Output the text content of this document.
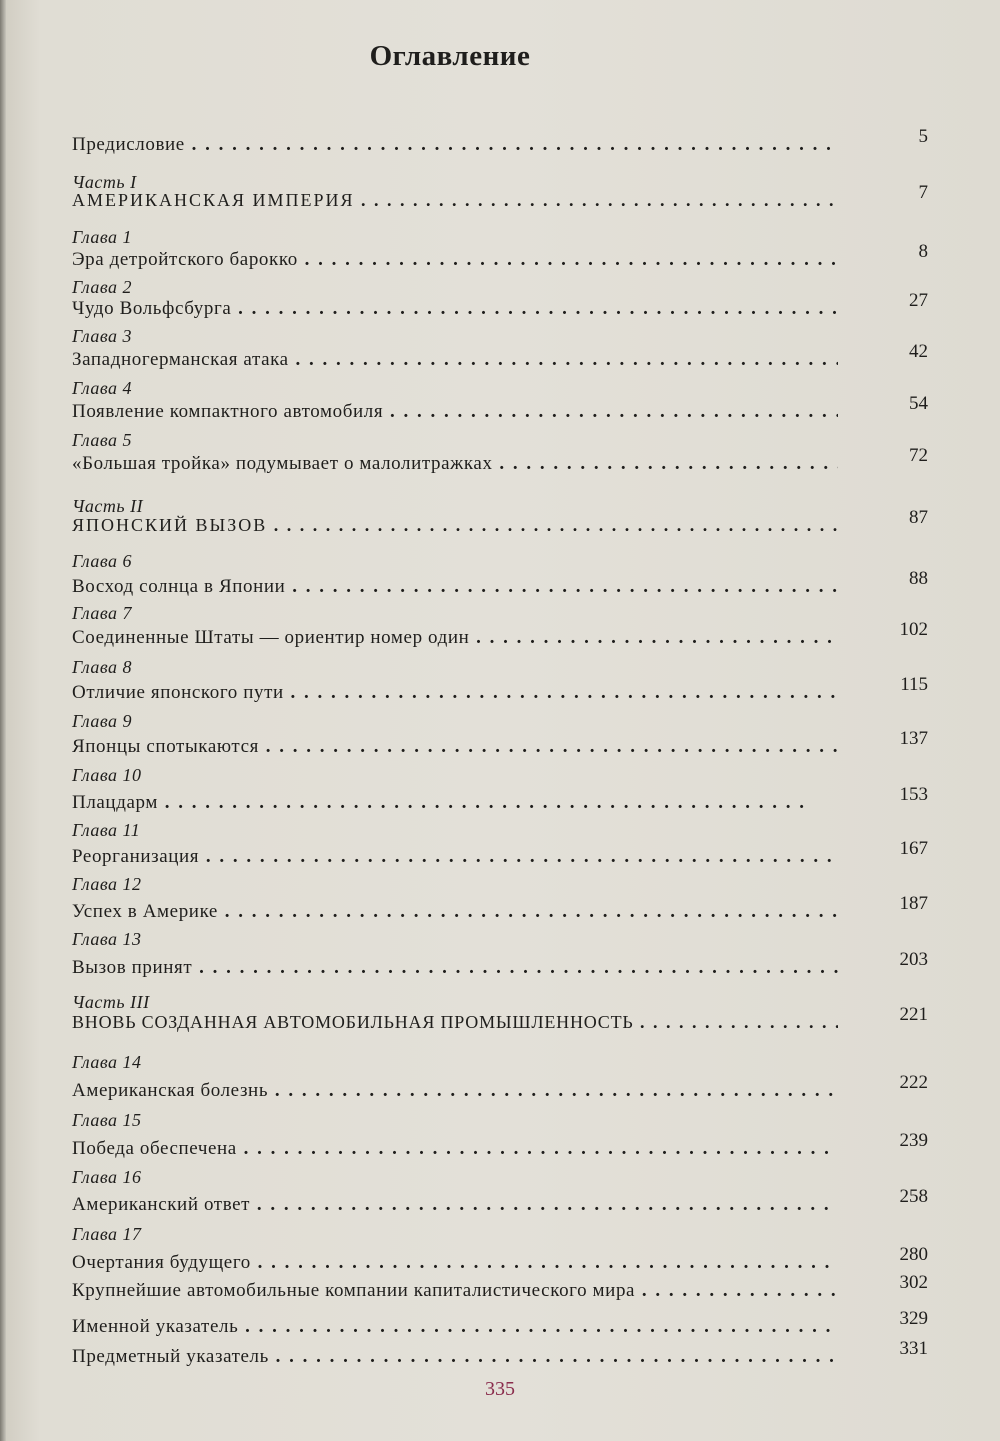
Оглавление
Предисловие . .	5
Часть I
АМЕРИКАНСКАЯ ИМПЕРИЯ . .	7
Глава 1
Эра детройтского барокко . .	8
Глава 2
Чудо Вольфсбурга . .	27
Глава 3
Западногерманская атака . .	42
Глава 4
Появление компактного автомобиля . .	54
Глава 5
«Большая тройка» подумывает о малолитражках . .	72
Часть II
ЯПОНСКИЙ ВЫЗОВ . .	87
Глава 6
Восход солнца в Японии . .	88
Глава 7
Соединенные Штаты — ориентир номер один . .	102
Глава 8
Отличие японского пути . .	115
Глава 9
Японцы спотыкаются . .	137
Глава 10
Плацдарм . .	153
Глава 11
Реорганизация . .	167
Глава 12
Успех в Америке . .	187
Глава 13
Вызов принят . .	203
Часть III
ВНОВЬ СОЗДАННАЯ АВТОМОБИЛЬНАЯ ПРОМЫШЛЕННОСТЬ . .	221
Глава 14
Американская болезнь . .	222
Глава 15
Победа обеспечена . .	239
Глава 16
Американский ответ . .	258
Глава 17
Очертания будущего . .	280
Крупнейшие автомобильные компании капиталистического мира . .	302
Именной указатель . .	329
Предметный указатель . .	331
335
